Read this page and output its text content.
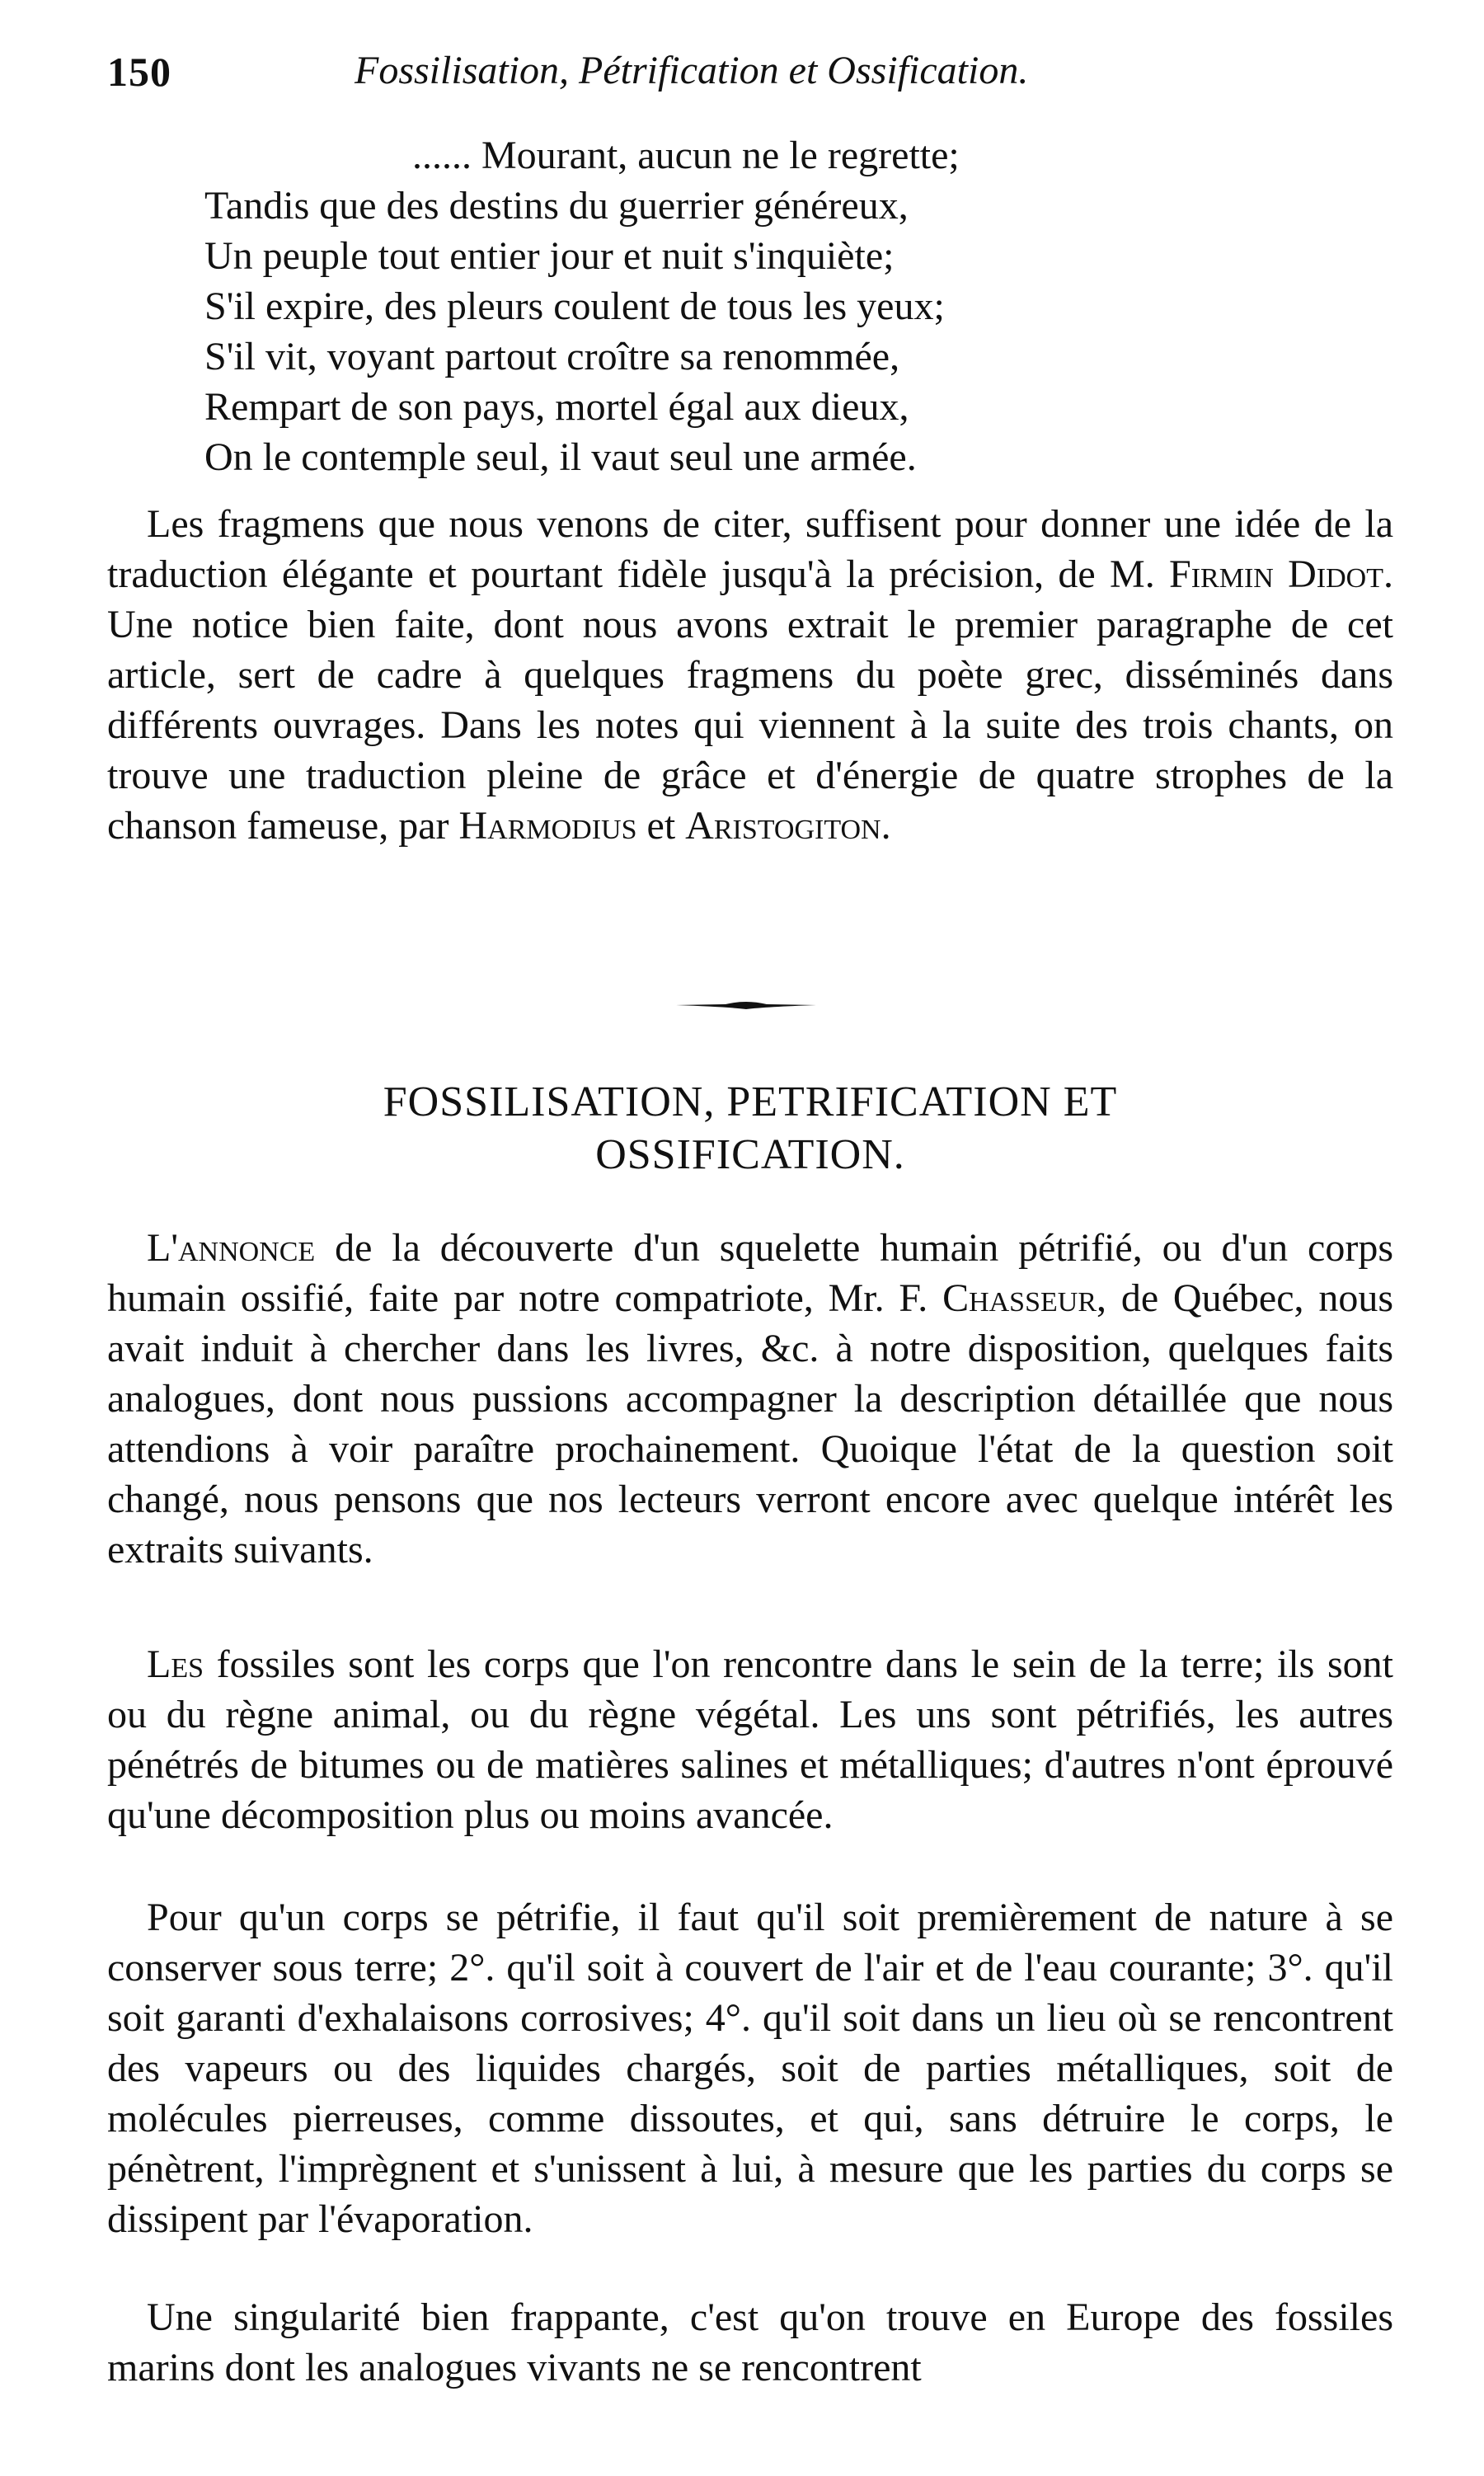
150	Fossilisation, Pétrification et Ossification.
...... Mourant, aucun ne le regrette;
Tandis que des destins du guerrier généreux,
Un peuple tout entier jour et nuit s'inquiète;
S'il expire, des pleurs coulent de tous les yeux;
S'il vit, voyant partout croître sa renommée,
Rempart de son pays, mortel égal aux dieux,
On le contemple seul, il vaut seul une armée.

Les fragmens que nous venons de citer, suffisent pour donner une idée de la traduction élégante et pourtant fidèle jusqu'à la précision, de M. Firmin Didot. Une notice bien faite, dont nous avons extrait le premier paragraphe de cet article, sert de cadre à quelques fragmens du poète grec, disséminés dans différents ouvrages. Dans les notes qui viennent à la suite des trois chants, on trouve une traduction pleine de grâce et d'énergie de quatre strophes de la chanson fameuse, par Harmodius et Aristogiton.

FOSSILISATION, PETRIFICATION ET
OSSIFICATION.

L'annonce de la découverte d'un squelette humain pétrifié, ou d'un corps humain ossifié, faite par notre compatriote, Mr. F. Chasseur, de Québec, nous avait induit à chercher dans les livres, &c. à notre disposition, quelques faits analogues, dont nous pussions accompagner la description détaillée que nous attendions à voir paraître prochainement. Quoique l'état de la question soit changé, nous pensons que nos lecteurs verront encore avec quelque intérêt les extraits suivants.

Les fossiles sont les corps que l'on rencontre dans le sein de la terre; ils sont ou du règne animal, ou du règne végétal. Les uns sont pétrifiés, les autres pénétrés de bitumes ou de matières salines et métalliques; d'autres n'ont éprouvé qu'une décomposition plus ou moins avancée.

Pour qu'un corps se pétrifie, il faut qu'il soit premièrement de nature à se conserver sous terre; 2°. qu'il soit à couvert de l'air et de l'eau courante; 3°. qu'il soit garanti d'exhalaisons corrosives; 4°. qu'il soit dans un lieu où se rencontrent des vapeurs ou des liquides chargés, soit de parties métalliques, soit de molécules pierreuses, comme dissoutes, et qui, sans détruire le corps, le pénètrent, l'imprègnent et s'unissent à lui, à mesure que les parties du corps se dissipent par l'évaporation.

Une singularité bien frappante, c'est qu'on trouve en Europe des fossiles marins dont les analogues vivants ne se rencontrent
